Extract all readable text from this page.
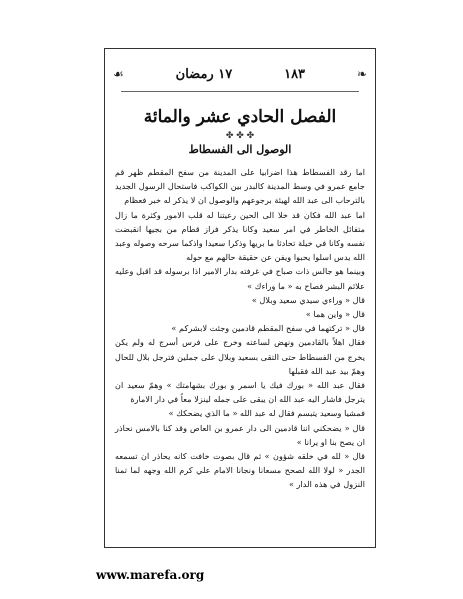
❧
١٨٣
١٧ رمضان
☙
الفصل الحادي عشر والمائة
✤ ✤ ✤
الوصول الى الفسطاط

اما رقد الفسطاط هذا اضرابيا على المدينة من سفح المقطم ظهر قم جامع عمرو في وسط المدينة كالبدر بين الكواكب فاستحال الرسول الجديد بالترحاب الى عبد الله لهيئة برجوعهم والوصول ان لا يذكر له خبر فعظام

اما عبد الله فكان قد خلا الى الحين رعيتنا له قلب الامور وكثرة ما زال متفائل الخاطر في امر سعيد وكانا يذكر فراز قطام من بجيها انقبضت نفسه وكانا في خيلة تحادثا ما بريها وذكرا سعيدا واذكما سرحه وصوله وعبد الله يدس اسلوا يحبوا ويفن عن حقيقة حالهم مع حوله

وبينما هو جالس ذات صباح في غرفته بدار الامير اذا برسوله قد اقبل وعليه علائم البشر فصاح به « ما وراءك »

قال « وراءي سيدي سعيد وبلال »

قال « واين هما »

قال « تركتهما في سفح المقطم قادمين وجئت لابشركم »

فقال اهلاً بالقادمين ونهض لساعته وخرج على فرس أسرج له ولم يكن يخرج من الفسطاط حتى التقى بسعيد وبلال على جملين فترجل بلال للحال وهمّ بيد عبد الله فقبلها

فقال عبد الله « بورك فيك يا اسمر و بورك بشهامتك » وهمّ سعيد ان يترجل فاشار اليه عبد الله ان يبقى على جمله لينزلا معاً في دار الامارة

فمشيا وسعيد يتبسم فقال له عبد الله « ما الذي يضحكك »

قال « يضحكني اننا قادمين الى دار عمرو بن العاص وقد كنا بالامس نحاذر ان يصح بنا او يرانا »

قال « لله في خلقه شؤون » ثم قال بصوت خافت كانه يحاذر ان تسمعه الجدر « لولا الله لصحح مسعانا ونجانا الامام علي كرم الله وجهه لما تمنا النزول في هذه الدار »

www.marefa.org
